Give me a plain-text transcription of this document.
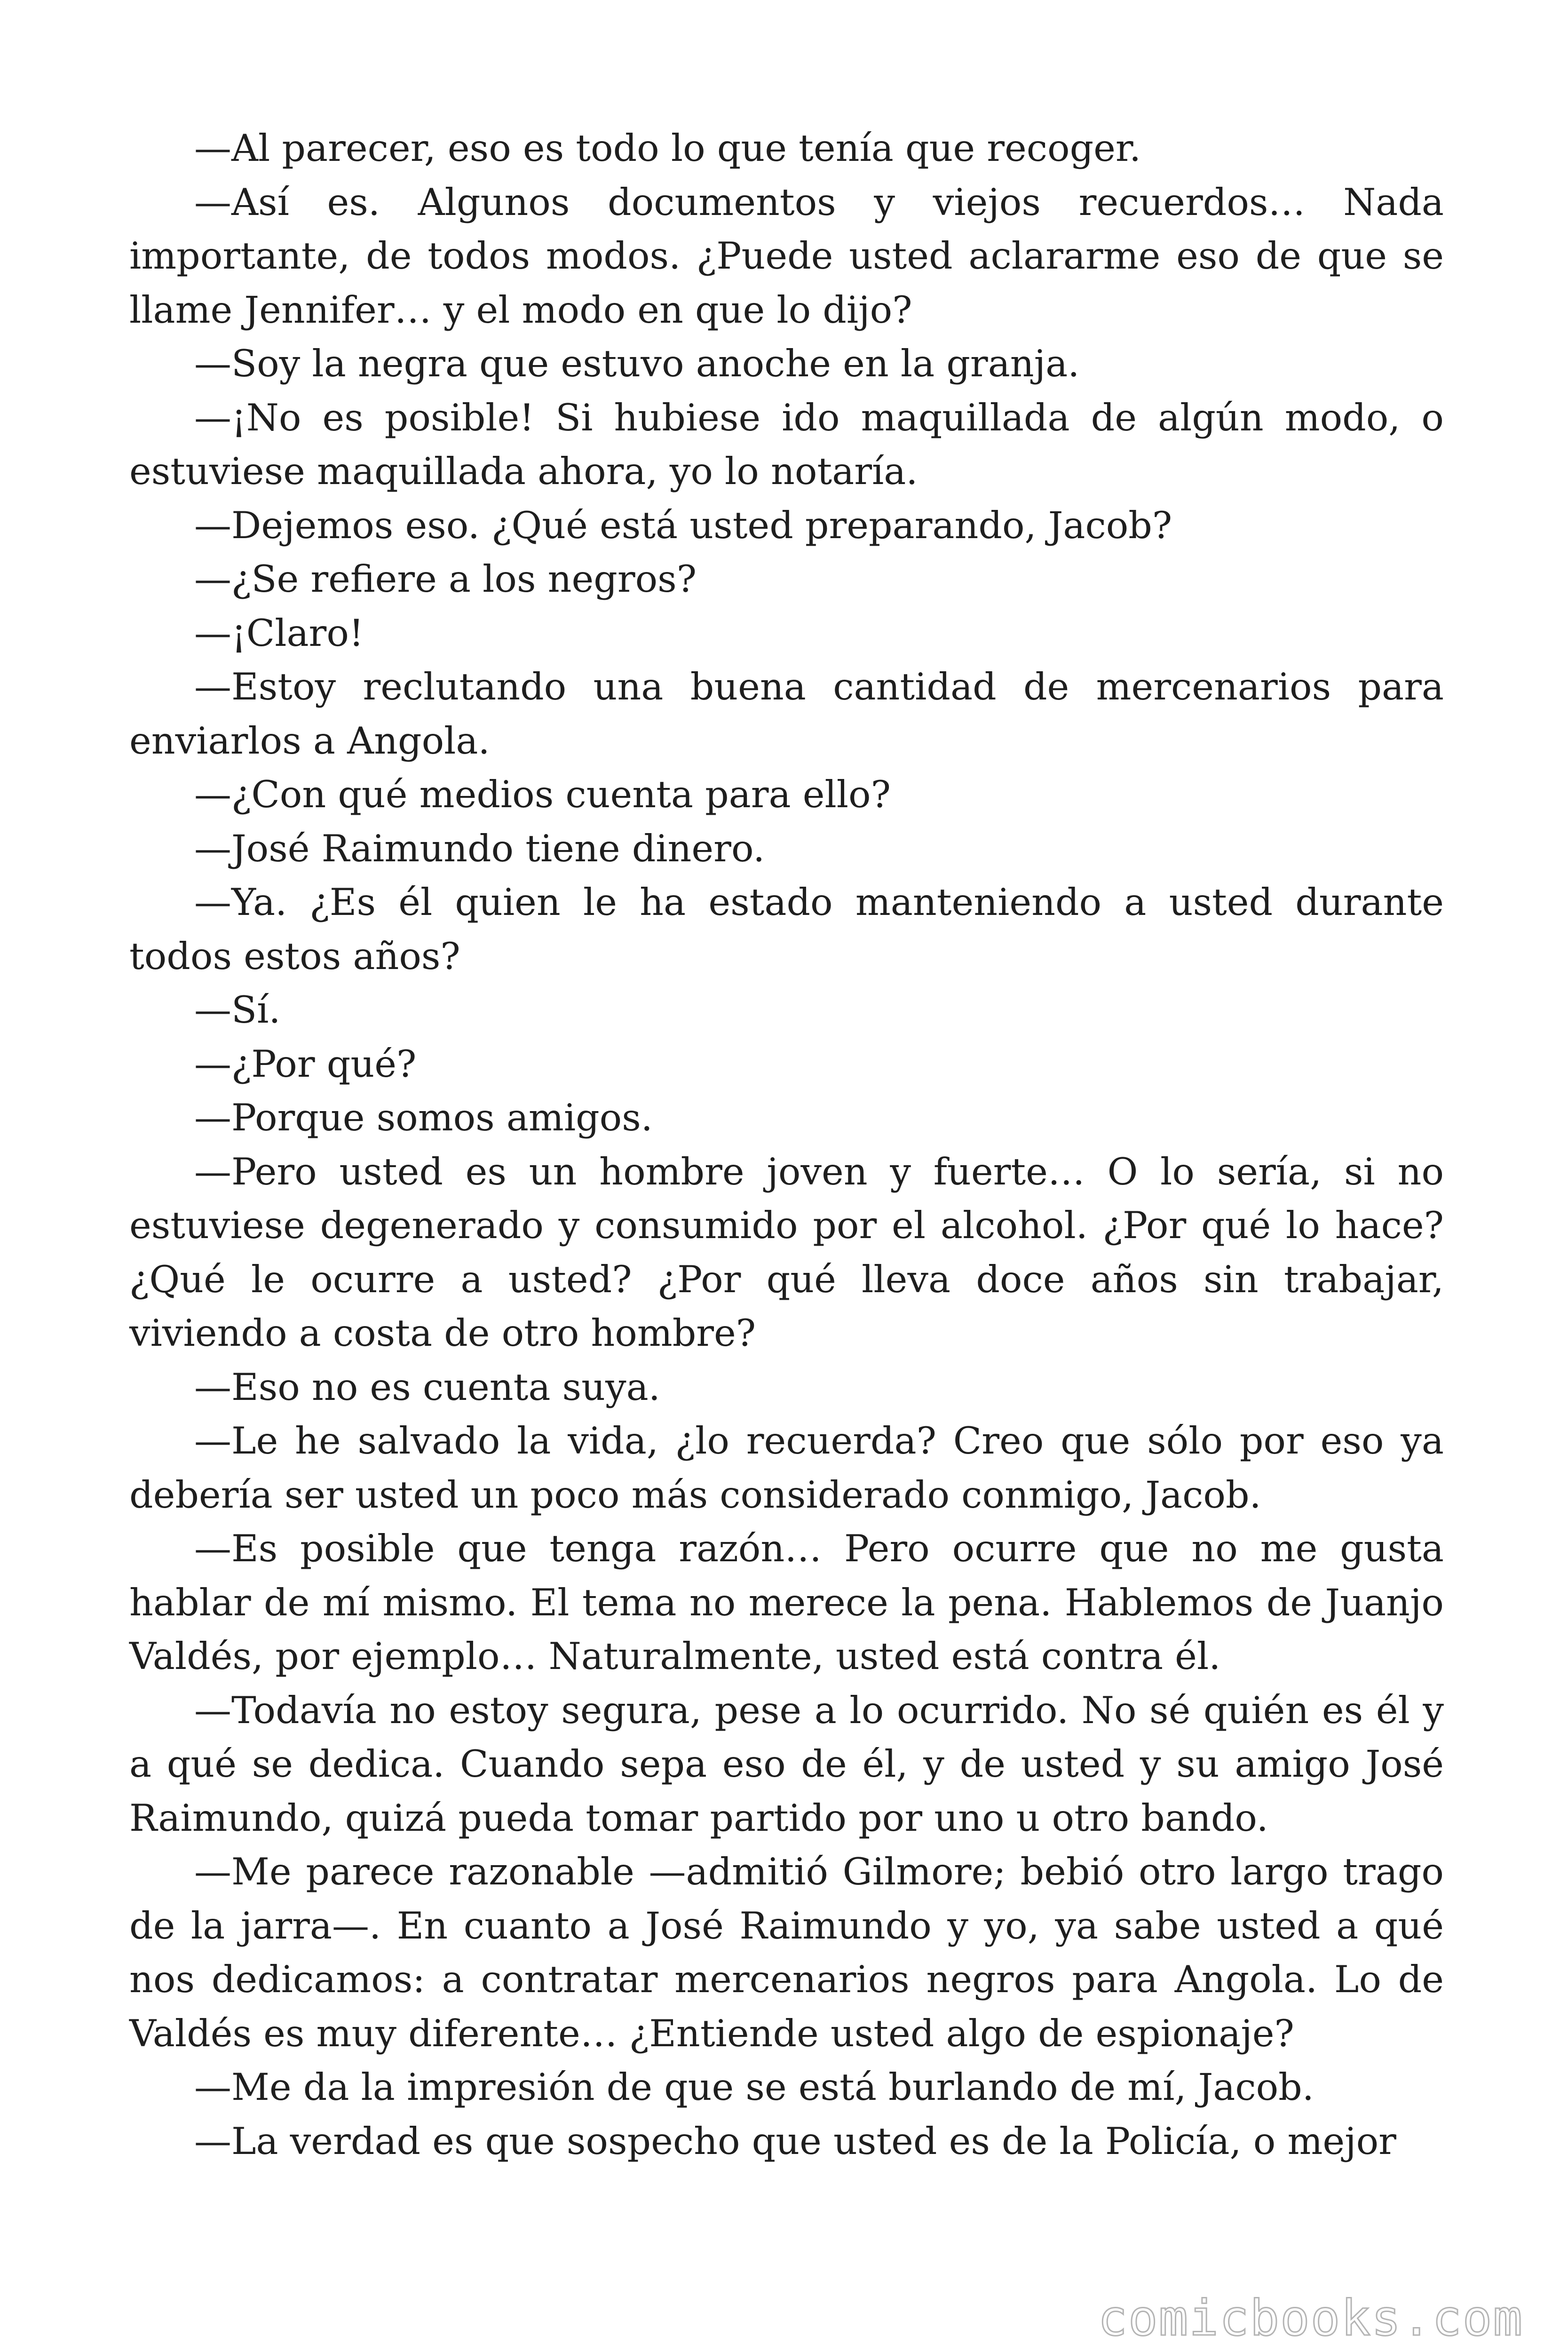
—Al parecer, eso es todo lo que tenía que recoger.

—Así es. Algunos documentos y viejos recuerdos… Nada importante, de todos modos. ¿Puede usted aclararme eso de que se llame Jennifer… y el modo en que lo dijo?

—Soy la negra que estuvo anoche en la granja.

—¡No es posible! Si hubiese ido maquillada de algún modo, o estuviese maquillada ahora, yo lo notaría.

—Dejemos eso. ¿Qué está usted preparando, Jacob?

—¿Se refiere a los negros?

—¡Claro!

—Estoy reclutando una buena cantidad de mercenarios para enviarlos a Angola.

—¿Con qué medios cuenta para ello?

—José Raimundo tiene dinero.

—Ya. ¿Es él quien le ha estado manteniendo a usted durante todos estos años?

—Sí.

—¿Por qué?

—Porque somos amigos.

—Pero usted es un hombre joven y fuerte… O lo sería, si no estuviese degenerado y consumido por el alcohol. ¿Por qué lo hace? ¿Qué le ocurre a usted? ¿Por qué lleva doce años sin trabajar, viviendo a costa de otro hombre?

—Eso no es cuenta suya.

—Le he salvado la vida, ¿lo recuerda? Creo que sólo por eso ya debería ser usted un poco más considerado conmigo, Jacob.

—Es posible que tenga razón… Pero ocurre que no me gusta hablar de mí mismo. El tema no merece la pena. Hablemos de Juanjo Valdés, por ejemplo… Naturalmente, usted está contra él.

—Todavía no estoy segura, pese a lo ocurrido. No sé quién es él y a qué se dedica. Cuando sepa eso de él, y de usted y su amigo José Raimundo, quizá pueda tomar partido por uno u otro bando.

—Me parece razonable —admitió Gilmore; bebió otro largo trago de la jarra—. En cuanto a José Raimundo y yo, ya sabe usted a qué nos dedicamos: a contratar mercenarios negros para Angola. Lo de Valdés es muy diferente… ¿Entiende usted algo de espionaje?

—Me da la impresión de que se está burlando de mí, Jacob.

—La verdad es que sospecho que usted es de la Policía, o mejor

comicbooks.com
